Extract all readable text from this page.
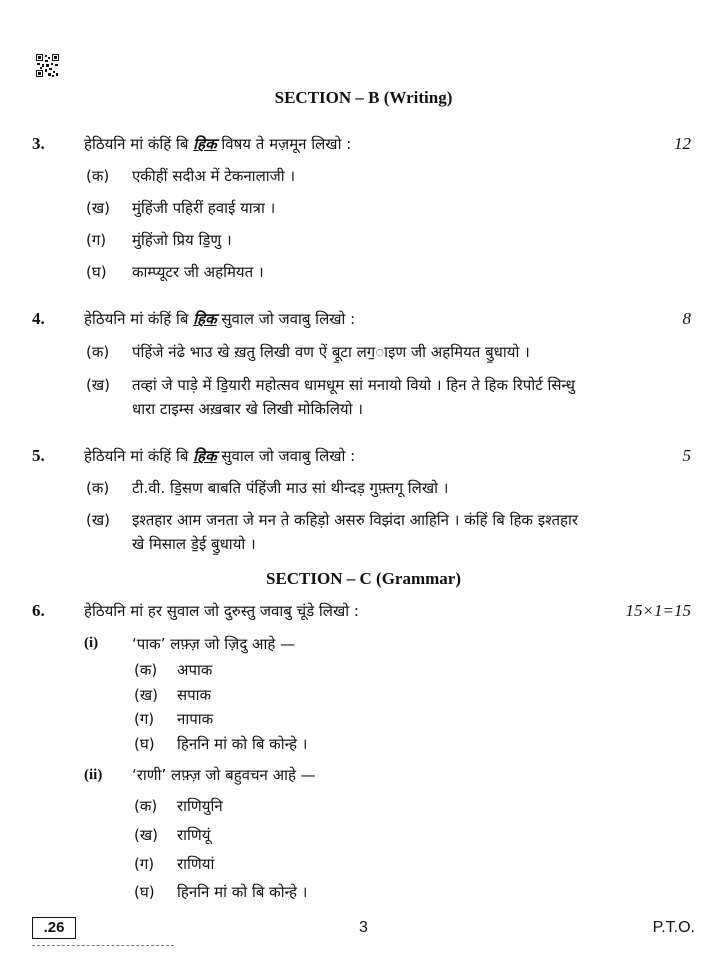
SECTION – B (Writing)
3.	हेठियनि मां कंहिं बि हिक विषय ते मज़मून लिखो :	12
(क) एकीहीं सदीअ में टेकनालाजी ।
(ख) मुंहिंजी पहिरीं हवाई यात्रा ।
(ग) मुंहिंजो प्रिय डि॒णु ।
(घ) काम्प्यूटर जी अहमियत ।
4.	हेठियनि मां कंहिं बि हिक सुवाल जो जवाबु लिखो :	8
(क) पंहिंजे नंढे भाउ खे ख़तु लिखी वण ऐं बू॒टा लग॒ाइण जी अहमियत बु॒धायो ।
(ख) तव्हां जे पाड़े में डि॒यारी महोत्सव धामधूम सां मनायो वियो । हिन ते हिक रिपोर्ट सिन्धु
धारा टाइम्स अख़बार खे लिखी मोकिलियो ।
5.	हेठियनि मां कंहिं बि हिक सुवाल जो जवाबु लिखो :	5
(क) टी.वी. डि॒सण बाबति पंहिंजी माउ सां थीन्दड़ गुफ़्तगू लिखो ।
(ख) इश्तहार आम जनता जे मन ते कहिड़ो असरु विझंदा आहिनि । कंहिं बि हिक इश्तहार
खे मिसाल डे॒ई बु॒धायो ।
SECTION – C (Grammar)
6.	हेठियनि मां हर सुवाल जो दुरुस्तु जवाबु चूंडे लिखो :	15×1=15
(i) ‘पाक’ लफ़्ज़ जो ज़िदु आहे —
(क) अपाक
(ख) सपाक
(ग) नापाक
(घ) हिननि मां को बि कोन्हे ।
(ii) ‘राणी’ लफ़्ज़ जो बहुवचन आहे —
(क) राणियुनि
(ख) राणियूं
(ग) राणियां
(घ) हिननि मां को बि कोन्हे ।
.26	3	P.T.O.
